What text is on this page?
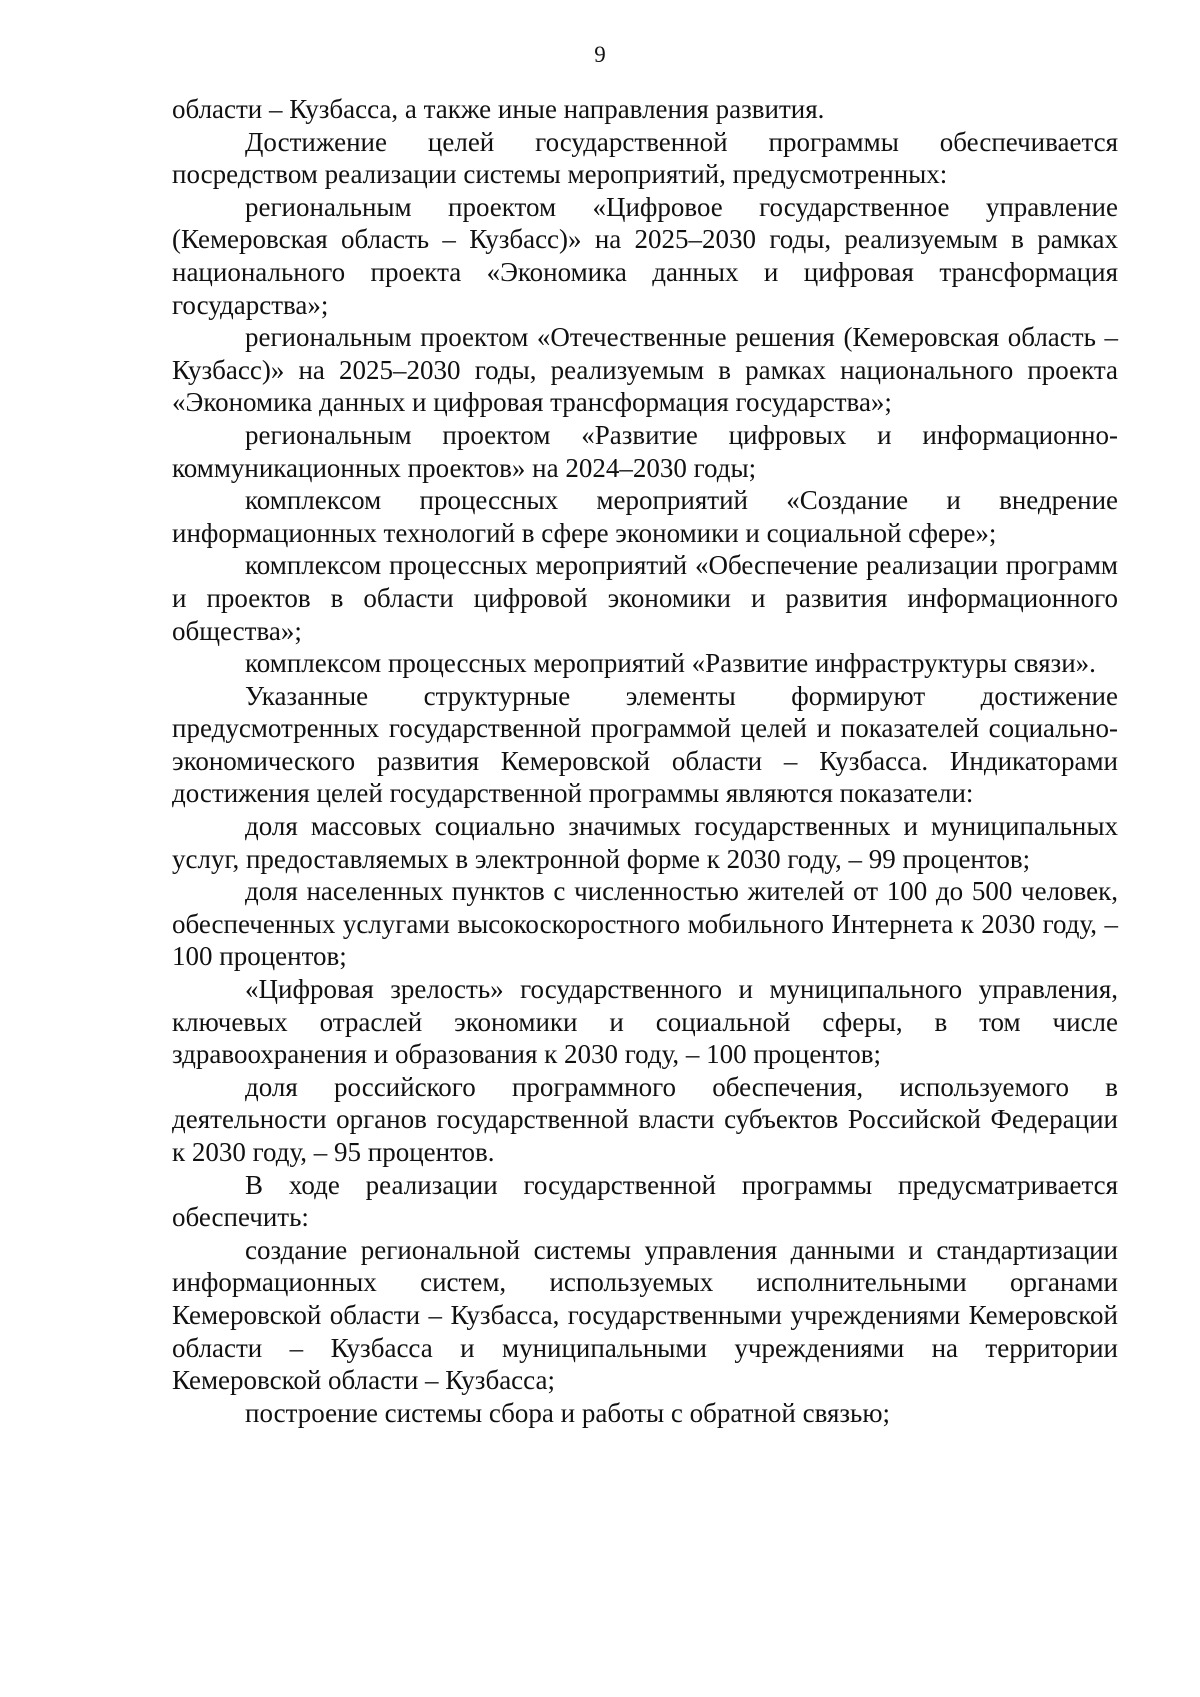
9

области – Кузбасса, а также иные направления развития.

Достижение целей государственной программы обеспечивается посредством реализации системы мероприятий, предусмотренных:

региональным проектом «Цифровое государственное управление (Кемеровская область – Кузбасс)» на 2025–2030 годы, реализуемым в рамках национального проекта «Экономика данных и цифровая трансформация государства»;

региональным проектом «Отечественные решения (Кемеровская область – Кузбасс)» на 2025–2030 годы, реализуемым в рамках национального проекта «Экономика данных и цифровая трансформация государства»;

региональным проектом «Развитие цифровых и информационно-коммуникационных проектов» на 2024–2030 годы;

комплексом процессных мероприятий «Создание и внедрение информационных технологий в сфере экономики и социальной сфере»;

комплексом процессных мероприятий «Обеспечение реализации программ и проектов в области цифровой экономики и развития информационного общества»;

комплексом процессных мероприятий «Развитие инфраструктуры связи».

Указанные структурные элементы формируют достижение предусмотренных государственной программой целей и показателей социально-экономического развития Кемеровской области – Кузбасса. Индикаторами достижения целей государственной программы являются показатели:

доля массовых социально значимых государственных и муниципальных услуг, предоставляемых в электронной форме к 2030 году, – 99 процентов;

доля населенных пунктов с численностью жителей от 100 до 500 человек, обеспеченных услугами высокоскоростного мобильного Интернета к 2030 году, – 100 процентов;

«Цифровая зрелость» государственного и муниципального управления, ключевых отраслей экономики и социальной сферы, в том числе здравоохранения и образования к 2030 году, – 100 процентов;

доля российского программного обеспечения, используемого в деятельности органов государственной власти субъектов Российской Федерации к 2030 году, – 95 процентов.

В ходе реализации государственной программы предусматривается обеспечить:

создание региональной системы управления данными и стандартизации информационных систем, используемых исполнительными органами Кемеровской области – Кузбасса, государственными учреждениями Кемеровской области – Кузбасса и муниципальными учреждениями на территории Кемеровской области – Кузбасса;

построение системы сбора и работы с обратной связью;
